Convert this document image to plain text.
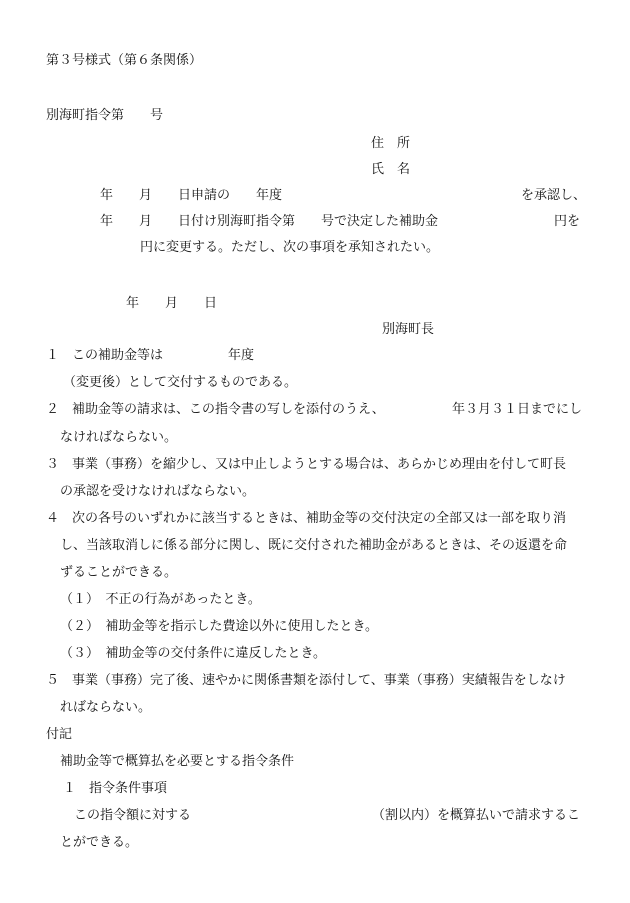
第３号様式（第６条関係）
別海町指令第　　号
住　所
氏　名
年　　月　　日申請の　　年度	を承認し、
年　　月　　日付け別海町指令第　　号で決定した補助金	円を
円に変更する。ただし、次の事項を承知されたい。
年　　月　　日
別海町長
１　この補助金等は　　　　　年度
（変更後）として交付するものである。
２　補助金等の請求は、この指令書の写しを添付のうえ、	年３月３１日までにし
なければならない。
３　事業（事務）を縮少し、又は中止しようとする場合は、あらかじめ理由を付して町長
の承認を受けなければならない。
４　次の各号のいずれかに該当するときは、補助金等の交付決定の全部又は一部を取り消
し、当該取消しに係る部分に関し、既に交付された補助金があるときは、その返還を命
ずることができる。
（１）　不正の行為があったとき。
（２）　補助金等を指示した費途以外に使用したとき。
（３）　補助金等の交付条件に違反したとき。
５　事業（事務）完了後、速やかに関係書類を添付して、事業（事務）実績報告をしなけ
ればならない。
付記
補助金等で概算払を必要とする指令条件
１　指令条件事項
この指令額に対する	（割以内）を概算払いで請求するこ
とができる。
